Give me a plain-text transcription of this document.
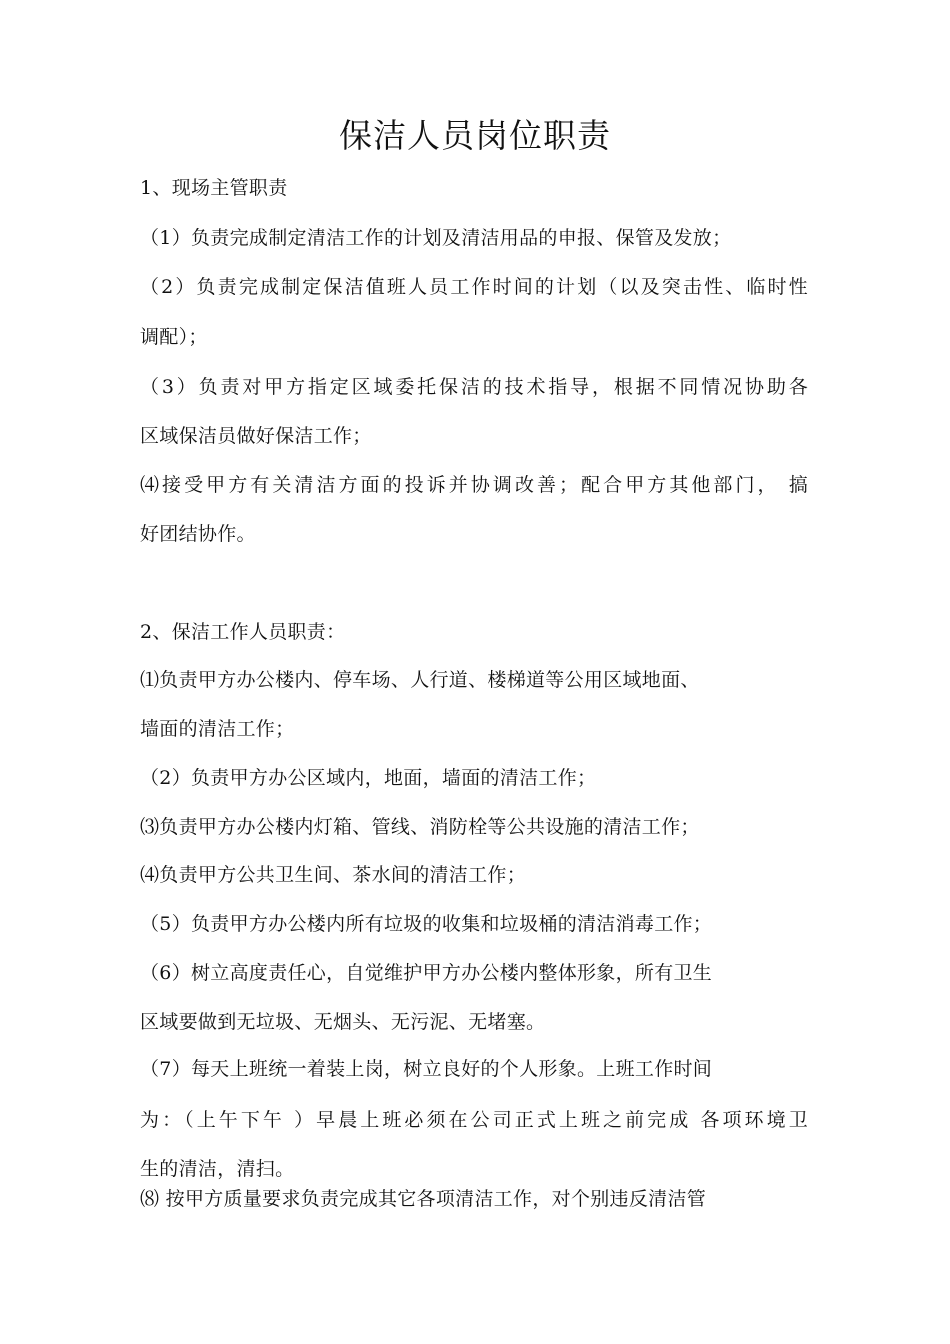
保洁人员岗位职责
1、现场主管职责
（1）负责完成制定清洁工作的计划及清洁用品的申报、保管及发放；
（2）负责完成制定保洁值班人员工作时间的计划（以及突击性、临时性
调配）；
（3）负责对甲方指定区域委托保洁的技术指导，根据不同情况协助各
区域保洁员做好保洁工作；
⑷接受甲方有关清洁方面的投诉并协调改善；配合甲方其他部门， 搞
好团结协作。
2、保洁工作人员职责：
⑴负责甲方办公楼内、停车场、人行道、楼梯道等公用区域地面、
墙面的清洁工作；
（2）负责甲方办公区域内，地面，墙面的清洁工作；
⑶负责甲方办公楼内灯箱、管线、消防栓等公共设施的清洁工作；
⑷负责甲方公共卫生间、茶水间的清洁工作；
（5）负责甲方办公楼内所有垃圾的收集和垃圾桶的清洁消毒工作；
（6）树立高度责任心，自觉维护甲方办公楼内整体形象，所有卫生
区域要做到无垃圾、无烟头、无污泥、无堵塞。
（7）每天上班统一着装上岗，树立良好的个人形象。上班工作时间
为：（上午下午 ）早晨上班必须在公司正式上班之前完成 各项环境卫
生的清洁，清扫。
⑻ 按甲方质量要求负责完成其它各项清洁工作，对个别违反清洁管
